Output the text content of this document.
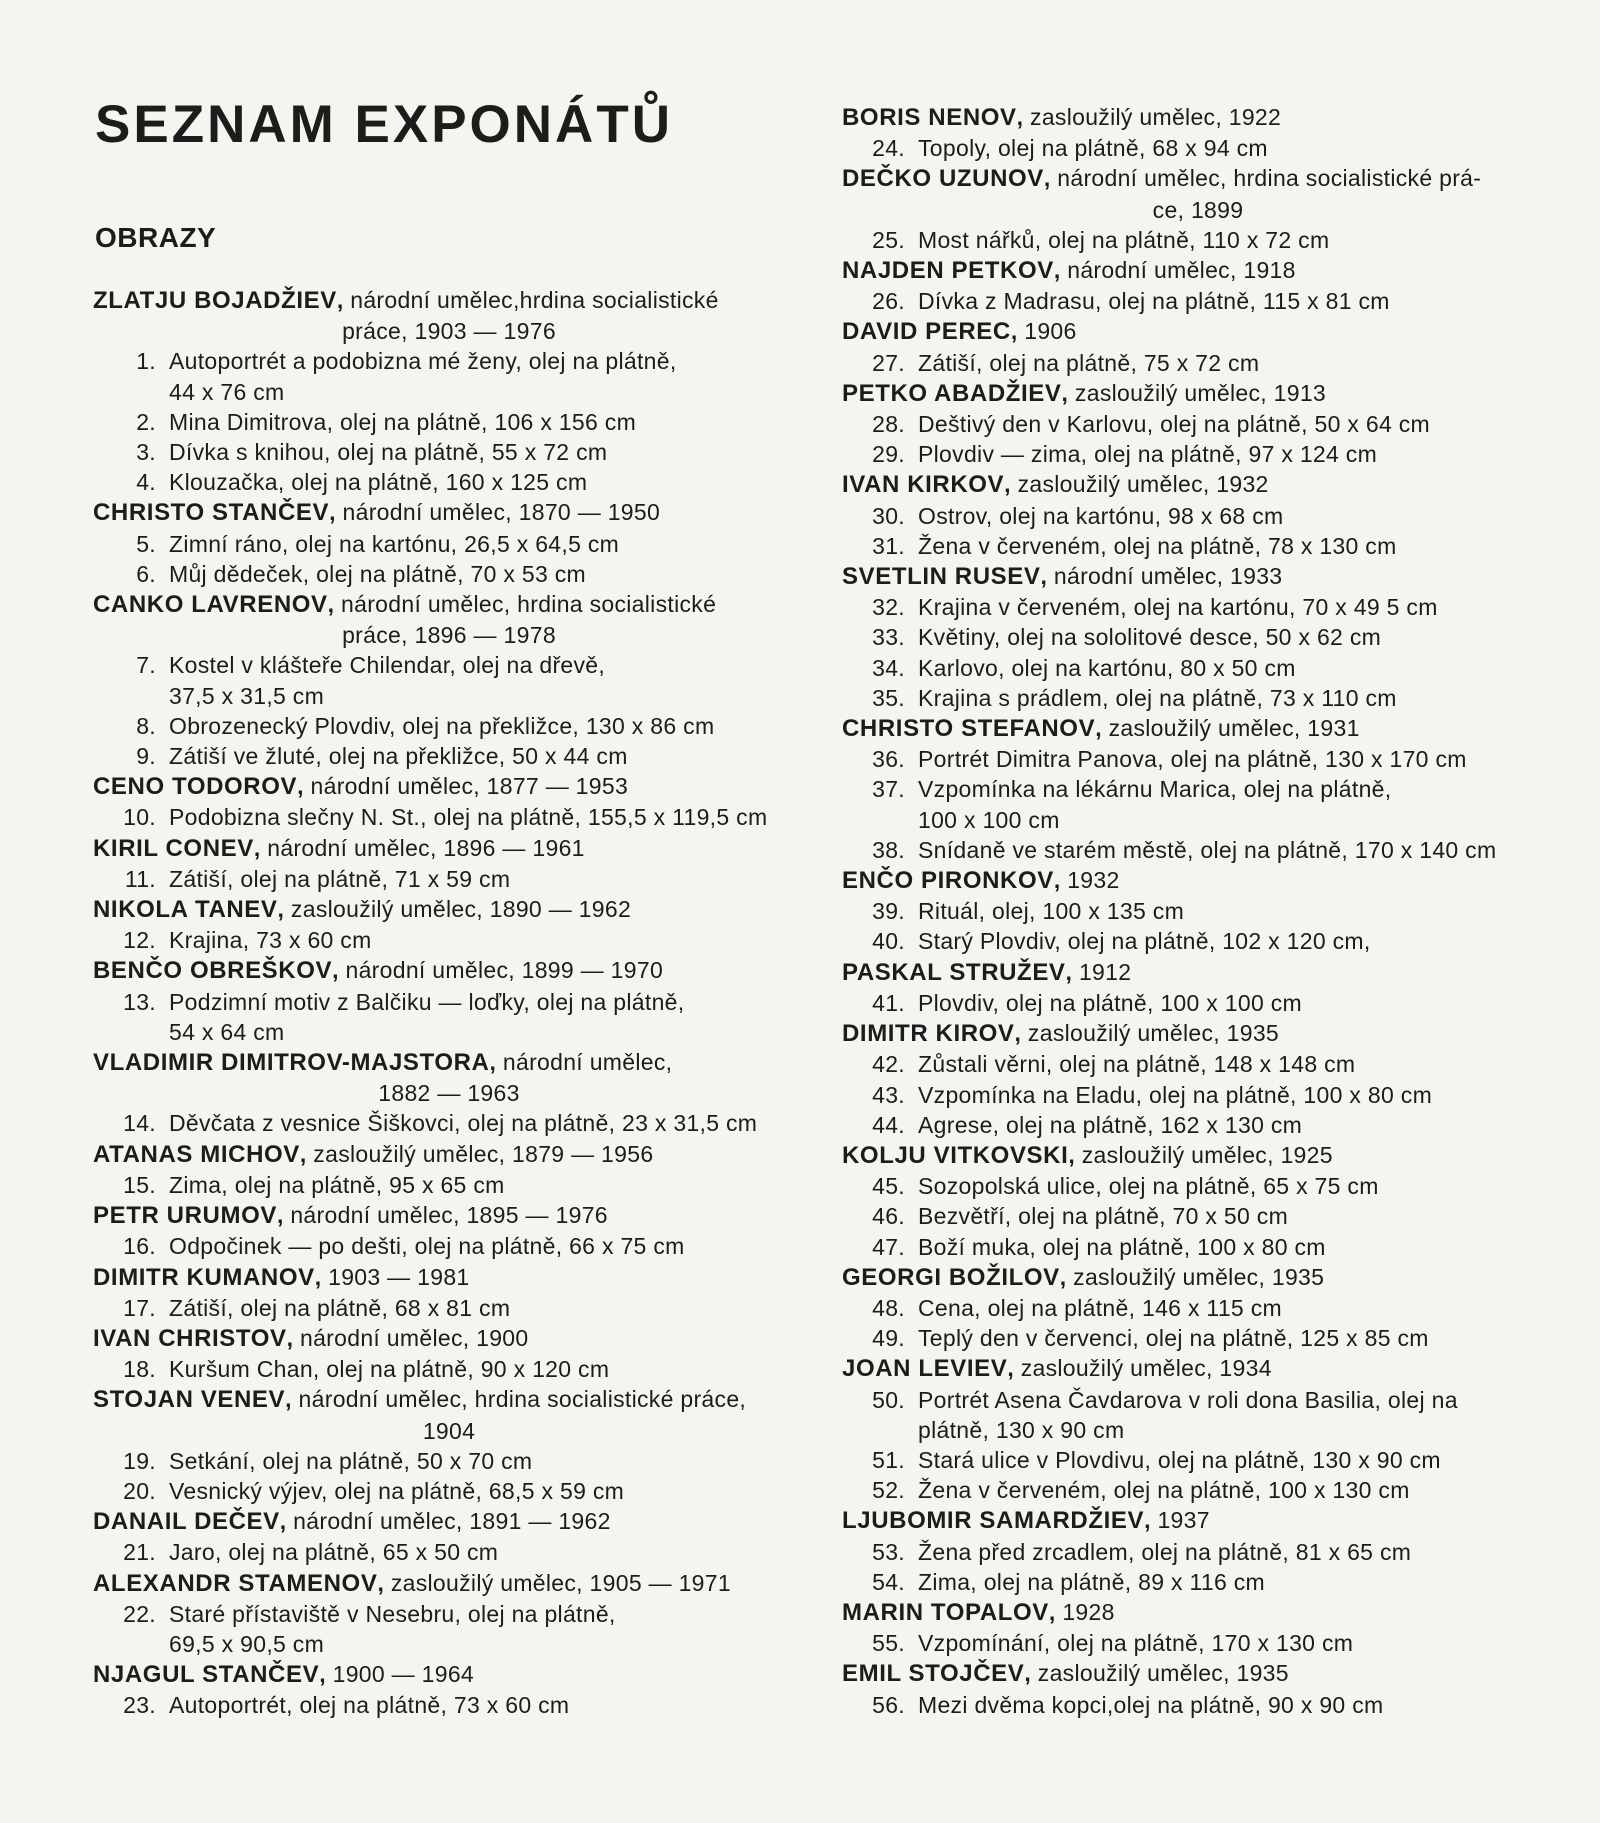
SEZNAM EXPONÁTŮ
OBRAZY
ZLATJU BOJADŽIEV, národní umělec,hrdina socialistické
práce, 1903 — 1976
1. Autoportrét a podobizna mé ženy, olej na plátně,
44 x 76 cm
2. Mina Dimitrova, olej na plátně, 106 x 156 cm
3. Dívka s knihou, olej na plátně, 55 x 72 cm
4. Klouzačka, olej na plátně, 160 x 125 cm
CHRISTO STANČEV, národní umělec, 1870 — 1950
5. Zimní ráno, olej na kartónu, 26,5 x 64,5 cm
6. Můj dědeček, olej na plátně, 70 x 53 cm
CANKO LAVRENOV, národní umělec, hrdina socialistické
práce, 1896 — 1978
7. Kostel v klášteře Chilendar, olej na dřevě,
37,5 x 31,5 cm
8. Obrozenecký Plovdiv, olej na překližce, 130 x 86 cm
9. Zátiší ve žluté, olej na překližce, 50 x 44 cm
CENO TODOROV, národní umělec, 1877 — 1953
10. Podobizna slečny N. St., olej na plátně, 155,5 x 119,5 cm
KIRIL CONEV, národní umělec, 1896 — 1961
11. Zátiší, olej na plátně, 71 x 59 cm
NIKOLA TANEV, zasloužilý umělec, 1890 — 1962
12. Krajina, 73 x 60 cm
BENČO OBREŠKOV, národní umělec, 1899 — 1970
13. Podzimní motiv z Balčiku — loďky, olej na plátně,
54 x 64 cm
VLADIMIR DIMITROV-MAJSTORA, národní umělec,
1882 — 1963
14. Děvčata z vesnice Šiškovci, olej na plátně, 23 x 31,5 cm
ATANAS MICHOV, zasloužilý umělec, 1879 — 1956
15. Zima, olej na plátně, 95 x 65 cm
PETR URUMOV, národní umělec, 1895 — 1976
16. Odpočinek — po dešti, olej na plátně, 66 x 75 cm
DIMITR KUMANOV, 1903 — 1981
17. Zátiší, olej na plátně, 68 x 81 cm
IVAN CHRISTOV, národní umělec, 1900
18. Kuršum Chan, olej na plátně, 90 x 120 cm
STOJAN VENEV, národní umělec, hrdina socialistické práce,
1904
19. Setkání, olej na plátně, 50 x 70 cm
20. Vesnický výjev, olej na plátně, 68,5 x 59 cm
DANAIL DEČEV, národní umělec, 1891 — 1962
21. Jaro, olej na plátně, 65 x 50 cm
ALEXANDR STAMENOV, zasloužilý umělec, 1905 — 1971
22. Staré přístaviště v Nesebru, olej na plátně,
69,5 x 90,5 cm
NJAGUL STANČEV, 1900 — 1964
23. Autoportrét, olej na plátně, 73 x 60 cm
BORIS NENOV, zasloužilý umělec, 1922
24. Topoly, olej na plátně, 68 x 94 cm
DEČKO UZUNOV, národní umělec, hrdina socialistické prá-
ce, 1899
25. Most nářků, olej na plátně, 110 x 72 cm
NAJDEN PETKOV, národní umělec, 1918
26. Dívka z Madrasu, olej na plátně, 115 x 81 cm
DAVID PEREC, 1906
27. Zátiší, olej na plátně, 75 x 72 cm
PETKO ABADŽIEV, zasloužilý umělec, 1913
28. Deštivý den v Karlovu, olej na plátně, 50 x 64 cm
29. Plovdiv — zima, olej na plátně, 97 x 124 cm
IVAN KIRKOV, zasloužilý umělec, 1932
30. Ostrov, olej na kartónu, 98 x 68 cm
31. Žena v červeném, olej na plátně, 78 x 130 cm
SVETLIN RUSEV, národní umělec, 1933
32. Krajina v červeném, olej na kartónu, 70 x 49 5 cm
33. Květiny, olej na sololitové desce, 50 x 62 cm
34. Karlovo, olej na kartónu, 80 x 50 cm
35. Krajina s prádlem, olej na plátně, 73 x 110 cm
CHRISTO STEFANOV, zasloužilý umělec, 1931
36. Portrét Dimitra Panova, olej na plátně, 130 x 170 cm
37. Vzpomínka na lékárnu Marica, olej na plátně,
100 x 100 cm
38. Snídaně ve starém městě, olej na plátně, 170 x 140 cm
ENČO PIRONKOV, 1932
39. Rituál, olej, 100 x 135 cm
40. Starý Plovdiv, olej na plátně, 102 x 120 cm,
PASKAL STRUŽEV, 1912
41. Plovdiv, olej na plátně, 100 x 100 cm
DIMITR KIROV, zasloužilý umělec, 1935
42. Zůstali věrni, olej na plátně, 148 x 148 cm
43. Vzpomínka na Eladu, olej na plátně, 100 x 80 cm
44. Agrese, olej na plátně, 162 x 130 cm
KOLJU VITKOVSKI, zasloužilý umělec, 1925
45. Sozopolská ulice, olej na plátně, 65 x 75 cm
46. Bezvětří, olej na plátně, 70 x 50 cm
47. Boží muka, olej na plátně, 100 x 80 cm
GEORGI BOŽILOV, zasloužilý umělec, 1935
48. Cena, olej na plátně, 146 x 115 cm
49. Teplý den v červenci, olej na plátně, 125 x 85 cm
JOAN LEVIEV, zasloužilý umělec, 1934
50. Portrét Asena Čavdarova v roli dona Basilia, olej na
plátně, 130 x 90 cm
51. Stará ulice v Plovdivu, olej na plátně, 130 x 90 cm
52. Žena v červeném, olej na plátně, 100 x 130 cm
LJUBOMIR SAMARDŽIEV, 1937
53. Žena před zrcadlem, olej na plátně, 81 x 65 cm
54. Zima, olej na plátně, 89 x 116 cm
MARIN TOPALOV, 1928
55. Vzpomínání, olej na plátně, 170 x 130 cm
EMIL STOJČEV, zasloužilý umělec, 1935
56. Mezi dvěma kopci,olej na plátně, 90 x 90 cm
